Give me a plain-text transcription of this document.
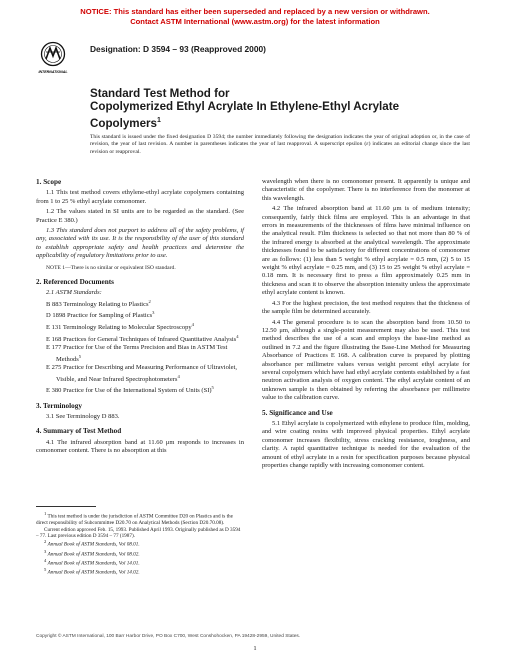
NOTICE: This standard has either been superseded and replaced by a new version or withdrawn.
Contact ASTM International (www.astm.org) for the latest information
INTERNATIONAL
Designation: D 3594 – 93 (Reapproved 2000)
Standard Test Method for
Copolymerized Ethyl Acrylate In Ethylene-Ethyl Acrylate
Copolymers$^1$
This standard is issued under the fixed designation D 3594; the number immediately following the designation indicates the year of original adoption or, in the case of revision, the year of last revision. A number in parentheses indicates the year of last reapproval. A superscript epsilon (ε) indicates an editorial change since the last revision or reapproval.
1. Scope

1.1 This test method covers ethylene-ethyl acrylate copolymers containing from 1 to 25 % ethyl acrylate comonomer.

1.2 The values stated in SI units are to be regarded as the standard. (See Practice E 380.)

1.3 This standard does not purport to address all of the safety problems, if any, associated with its use. It is the responsibility of the user of this standard to establish appropriate safety and health practices and determine the applicability of regulatory limitations prior to use.

NOTE 1—There is no similar or equivalent ISO standard.
2. Referenced Documents
2.1 ASTM Standards:
B 883 Terminology Relating to Plastics$^2$
D 1898 Practice for Sampling of Plastics$^3$
E 131 Terminology Relating to Molecular Spectroscopy$^4$
E 168 Practices for General Techniques of Infrared Quantitative Analysis$^4$
E 177 Practice for Use of the Terms Precision and Bias in ASTM Test Methods$^5$
E 275 Practice for Describing and Measuring Performance of Ultraviolet, Visible, and Near Infrared Spectrophotometers$^4$
E 380 Practice for Use of the International System of Units (SI)$^5$
3. Terminology

3.1 See Terminology D 883.

4. Summary of Test Method

4.1 The infrared absorption band at 11.60 μm responds to increases in comonomer content. There is no absorption at this

$^1$ This test method is under the jurisdiction of ASTM Committee D20 on Plastics and is the direct responsibility of Subcommittee D20.70 on Analytical Methods (Section D20.70.08).
Current edition approved Feb. 15, 1993. Published April 1993. Originally published as D 3594 – 77. Last previous edition D 3594 – 77 (1987).
$^2$ Annual Book of ASTM Standards, Vol 08.01.
$^3$ Annual Book of ASTM Standards, Vol 08.02.
$^4$ Annual Book of ASTM Standards, Vol 14.01.
$^5$ Annual Book of ASTM Standards, Vol 14.02.

wavelength when there is no comonomer present. It apparently is unique and characteristic of the copolymer. There is no interference from the monomer at this wavelength.

4.2 The infrared absorption band at 11.60 μm is of medium intensity; consequently, fairly thick films are employed. This is an advantage in that errors in measurements of the thicknesses of films have minimal influence on the analytical result. Film thickness is selected so that not more than 80 % of the infrared energy is absorbed at the analytical wavelength. The approximate thicknesses found to be satisfactory for different concentrations of comonomer are as follows: (1) less than 5 weight % ethyl acrylate = 0.5 mm, (2) 5 to 15 weight % ethyl acrylate = 0.25 mm, and (3) 15 to 25 weight % ethyl acrylate = 0.18 mm. It is necessary first to press a film approximately 0.25 mm in thickness and scan it to observe the absorption intensity unless the approximate ethyl acrylate content is known.

4.3 For the highest precision, the test method requires that the thickness of the sample film be determined accurately.

4.4 The general procedure is to scan the absorption band from 10.50 to 12.50 μm, although a single-point measurement may also be used. This test method describes the use of a scan and employs the base-line method as outlined in 7.2 and the figure illustrating the Base-Line Method for Measuring Absorbance of Practices E 168. A calibration curve is prepared by plotting absorbance per millimetre values versus weight percent ethyl acrylate for several copolymers which have had ethyl acrylate contents established by a fast neutron activation analysis of oxygen content. The ethyl acrylate content of an unknown sample is then obtained by referring the absorbance per millimetre value to the calibration curve.

5. Significance and Use

5.1 Ethyl acrylate is copolymerized with ethylene to produce film, molding, and wire coating resins with improved physical properties. Ethyl acrylate comonomer increases flexibility, stress cracking resistance, toughness, and clarity. A rapid quantitative technique is needed for the evaluation of the amount of ethyl acrylate in a resin for specification purposes because physical properties change rapidly with increasing comonomer content.

Copyright © ASTM International, 100 Barr Harbor Drive, PO Box C700, West Conshohocken, PA 19428-2959, United States.
1
